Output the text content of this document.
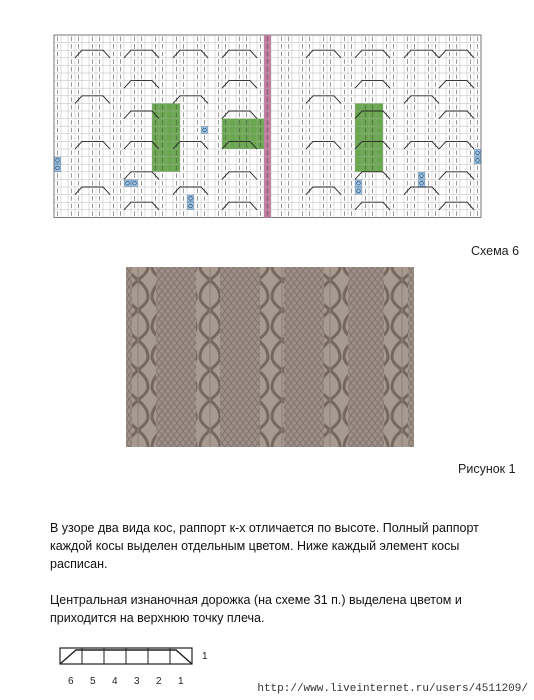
Схема 6
Рисунок 1
В узоре два вида кос, раппорт к-х отличается по высоте. Полный раппорт каждой косы выделен отдельным цветом. Ниже каждый элемент косы расписан.
Центральная изнаночная дорожка (на схеме 31 п.) выделена цветом и приходится на верхнюю точку плеча.
1
6 5 4 3 2 1
http://www.liveinternet.ru/users/4511209/
